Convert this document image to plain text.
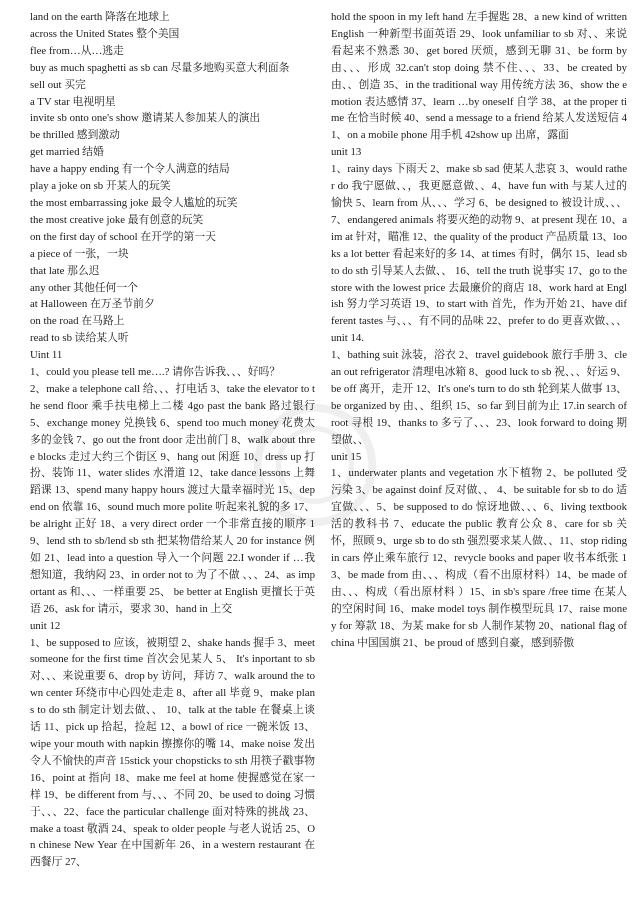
land on the earth 降落在地球上
across the United States 整个美国
flee from…从…逃走
buy as much spaghetti as sb can 尽量多地购买意大利面条
sell out 买完
a TV star 电视明星
invite sb onto one's show 邀请某人参加某人的演出
be thrilled 感到激动
get married 结婚
have a happy ending 有一个令人满意的结局
play a joke on sb 开某人的玩笑
the most embarrassing joke 最令人尴尬的玩笑
the most creative joke 最有创意的玩笑
on the first day of school 在开学的第一天
a piece of 一张，一块
that late 那么迟
any other 其他任何一个
at Halloween 在万圣节前夕
on the road 在马路上
read to sb 读给某人听
Uint 11
1、could you please tell me….? 请你告诉我、、、好吗？

2、make a telephone call 给、、、打电话 3、take the elevator to the send floor 乘手扶电梯上二楼 4go past the bank 路过银行 5、exchange money 兑换钱 6、spend too much money 花费太多的金钱 7、go out the front door 走出前门 8、walk about three blocks 走过大约三个街区 9、hang out 闲逛 10、dress up 打扮、装饰 11、water slides 水滑道 12、take dance lessons 上舞蹈课 13、spend many happy hours 渡过大量幸福时光 15、depend on 依靠 16、sound much more polite 听起来礼貌的多 17、be alright 正好 18、a very direct order 一个非常直接的顺序 19、lend sth to sb/lend sb sth 把某物借给某人 20 for instance 例如 21、lead into a question 导入一个问题 22.I wonder if …我想知道，我纳闷 23、in order not to 为了不做 、、、24、as important as 和、、、一样重要 25、 be better at English 更擅长于英语 26、ask for 请示，要求 30、hand in 上交

unit 12

1、be supposed to 应该，被期望 2、shake hands 握手 3、meet someone for the first time 首次会见某人 5、 It's inportant to sb 对、、、来说重要 6、drop by 访问，拜访 7、walk around the town center 环绕市中心四处走走 8、after all 毕竟 9、make plans to do sth 制定计划去做、、 10、talk at the table 在餐桌上谈话 11、pick up 拾起，捡起 12、a bowl of rice 一碗米饭 13、wipe your mouth with napkin 擦擦你的嘴 14、make noise 发出令人不愉快的声音 15stick your chopsticks to sth 用筷子戳事物 16、point at 指向 18、make me feel at home 使握感觉在家一样 19、be different from 与、、、不同 20、be used to doing 习惯于、、、22、face the particular challenge 面对特殊的挑战 23、make a toast 敬酒 24、speak to older people 与老人说话 25、On chinese New Year 在中国新年 26、in a western restaurant 在西餐厅 27、

hold the spoon in my left hand 左手握匙 28、a new kind of written English 一种新型书面英语 29、look unfamiliar to sb 对、、来说看起来不熟悉 30、get bored 厌烦，感到无聊 31、be form by 由、、、形成 32.can't stop doing 禁不住、、、33、be created by 由、、创造 35、in the traditional way 用传统方法 36、show the emotion 表达感情 37、learn …by oneself 自学 38、at the proper time 在恰当时候 40、send a message to a friend 给某人发送短信 41、on a mobile phone 用手机 42show up 出席，露面

unit 13

1、rainy days 下雨天 2、make sb sad 使某人悲哀 3、would rather do 我宁愿做、、，我更愿意做、、4、have fun with 与某人过的愉快 5、learn from 从、、、学习 6、be designed to 被设计成、、、7、endangered animals 将要灭绝的动物 9、at present 现在 10、aim at 针对，瞄准 12、the quality of the product 产品质量 13、looks a lot better 看起来好的多 14、at times 有时，偶尔 15、lead sb to do sth 引导某人去做、、 16、tell the truth 说事实 17、go to the store with the lowest price 去最廉价的商店 18、work hard at English 努力学习英语 19、to start with 首先，作为开始 21、have different tastes 与、、、有不同的品味 22、prefer to do 更喜欢做、、、unit 14.

1、bathing suit 泳装，浴衣 2、travel guidebook 旅行手册 3、clean out refrigerator 清理电冰箱 8、good luck to sb 祝、、、好运 9、be off 离开，走开 12、It's one's turn to do sth 轮到某人做事 13、be organized by 由、、组织 15、so far 到目前为止 17.in search of root 寻根 19、thanks to 多亏了、、、23、look forward to doing 期望做、、

unit 15

1、underwater plants and vegetation 水下植物 2、be polluted 受污染 3、be against doinf 反对做、、 4、be suitable for sb to do 适宜做、、、5、be supposed to do 惊讶地做、、、6、living textbook 活的教科书 7、educate the public 教育公众 8、care for sb 关怀，照顾 9、urge sb to do sth 强烈要求某人做、、11、stop riding in cars 停止乘车旅行 12、revycle books and paper 收书本纸张 13、be made from 由、、、构成（看不出原材料）14、be made of 由、、、构成（看出原材料 ）15、in sb's spare /free time 在某人的空闲时间 16、make model toys 制作模型玩具 17、raise money for 筹款 18、为某 make for sb 人制作某物 20、national flag of china 中国国旗 21、be proud of 感到自豪，感到骄傲
